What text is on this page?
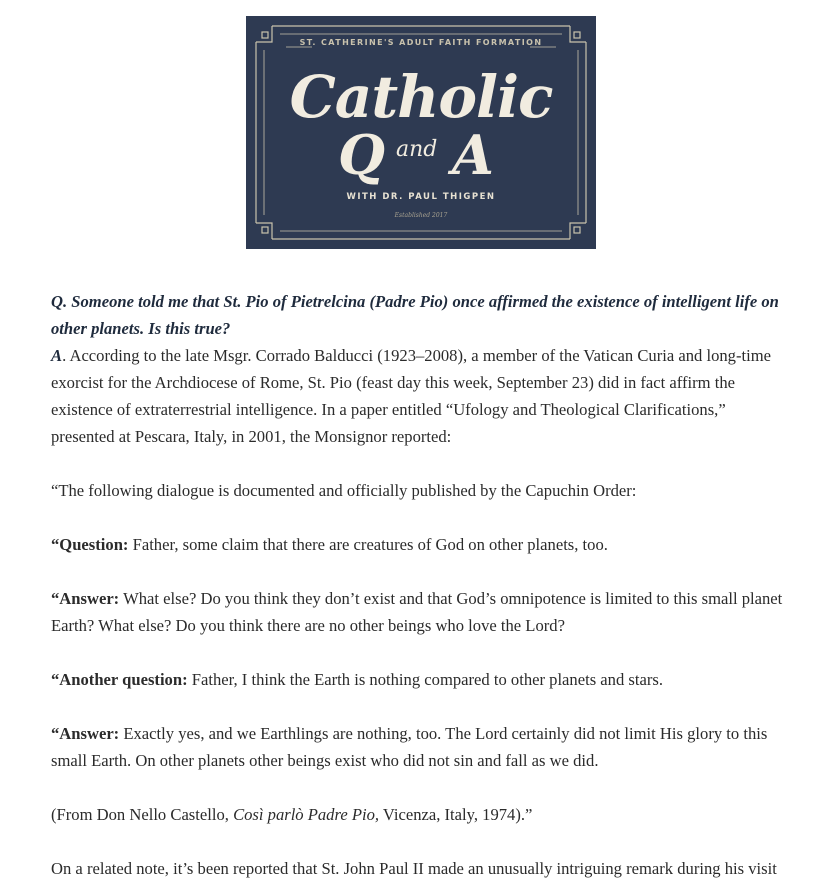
ST. CATHERINE'S ADULT FAITH FORMATION
Catholic
Q and A
WITH DR. PAUL THIGPEN
Established 2017

Q. Someone told me that St. Pio of Pietrelcina (Padre Pio) once affirmed the existence of intelligent life on other planets. Is this true?

A. According to the late Msgr. Corrado Balducci (1923–2008), a member of the Vatican Curia and long-time exorcist for the Archdiocese of Rome, St. Pio (feast day this week, September 23) did in fact affirm the existence of extraterrestrial intelligence. In a paper entitled “Ufology and Theological Clarifications,” presented at Pescara, Italy, in 2001, the Monsignor reported:

“The following dialogue is documented and officially published by the Capuchin Order:

“Question: Father, some claim that there are creatures of God on other planets, too.

“Answer: What else? Do you think they don’t exist and that God’s omnipotence is limited to this small planet Earth? What else? Do you think there are no other beings who love the Lord?

“Another question: Father, I think the Earth is nothing compared to other planets and stars.

“Answer: Exactly yes, and we Earthlings are nothing, too. The Lord certainly did not limit His glory to this small Earth. On other planets other beings exist who did not sin and fall as we did.

(From Don Nello Castello, Così parlò Padre Pio, Vicenza, Italy, 1974).”

On a related note, it’s been reported that St. John Paul II made an unusually intriguing remark during his visit
